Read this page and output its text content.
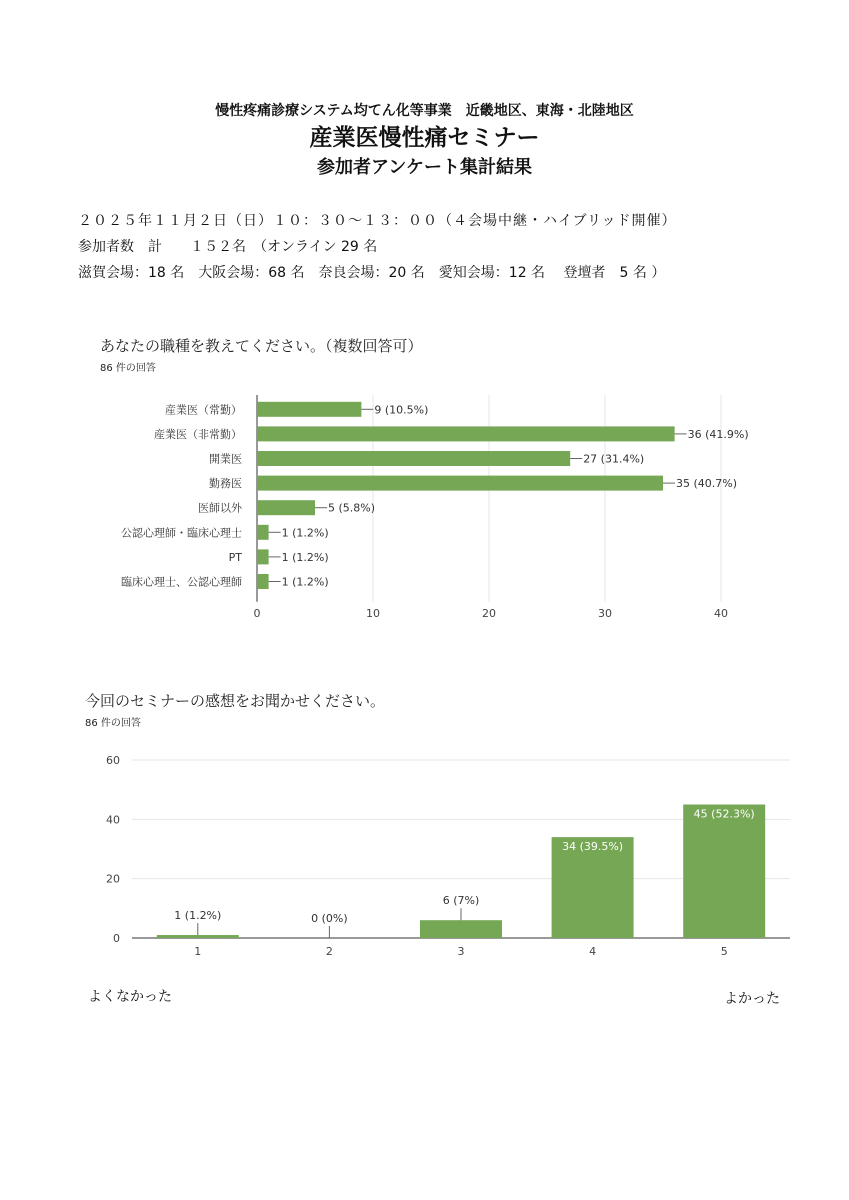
慢性疼痛診療システム均てん化等事業　近畿地区、東海・北陸地区
産業医慢性痛セミナー
参加者アンケート集計結果
２０２５年１１月２日（日）１０：３０～１３：００（４会場中継・ハイブリッド開催）
参加者数　計　　１５２名　（オンライン 29 名
滋賀会場：18 名　大阪会場：68 名　奈良会場：20 名　愛知会場：12 名　 登壇者　5 名 ）
あなたの職種を教えてください。（複数回答可）
86 件の回答
0	10	20	30	40
産業医（常勤）	9 (10.5%)
産業医（非常勤）	36 (41.9%)
開業医	27 (31.4%)
勤務医	35 (40.7%)
医師以外	5 (5.8%)
公認心理師・臨床心理士	1 (1.2%)
PT	1 (1.2%)
臨床心理士、公認心理師	1 (1.2%)
今回のセミナーの感想をお聞かせください。
86 件の回答
0
20
40
60
1
1 (1.2%)
2
0 (0%)
3
6 (7%)
4
34 (39.5%)
5
45 (52.3%)
よくなかった	よかった
